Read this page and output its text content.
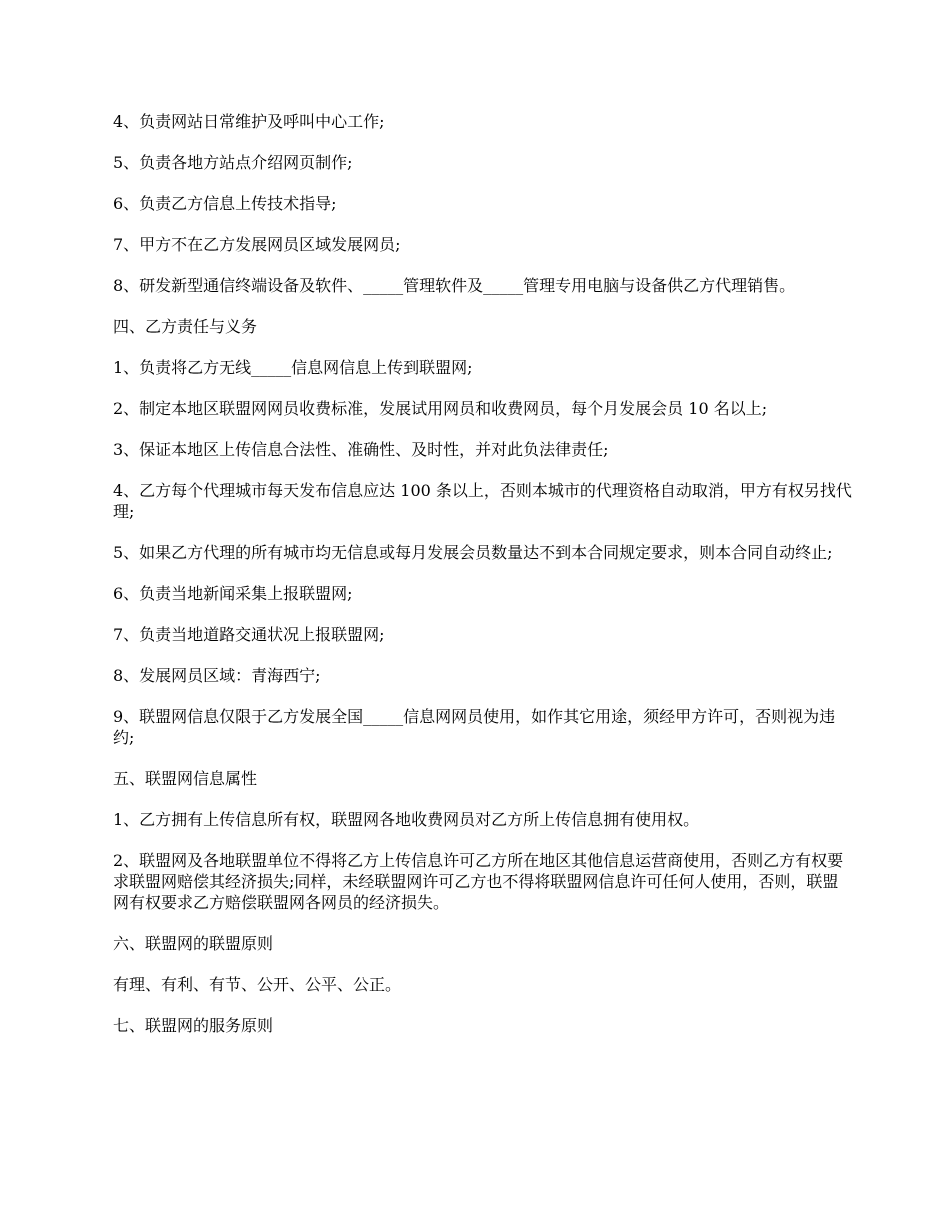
4、负责网站日常维护及呼叫中心工作;

5、负责各地方站点介绍网页制作;

6、负责乙方信息上传技术指导;

7、甲方不在乙方发展网员区域发展网员;

8、研发新型通信终端设备及软件、_____管理软件及_____管理专用电脑与设备供乙方代理销售。

四、乙方责任与义务

1、负责将乙方无线_____信息网信息上传到联盟网;

2、制定本地区联盟网网员收费标准，发展试用网员和收费网员，每个月发展会员 10 名以上;

3、保证本地区上传信息合法性、准确性、及时性，并对此负法律责任;

4、乙方每个代理城市每天发布信息应达 100 条以上，否则本城市的代理资格自动取消，甲方有权另找代理;

5、如果乙方代理的所有城市均无信息或每月发展会员数量达不到本合同规定要求，则本合同自动终止;

6、负责当地新闻采集上报联盟网;

7、负责当地道路交通状况上报联盟网;

8、发展网员区域：青海西宁;

9、联盟网信息仅限于乙方发展全国_____信息网网员使用，如作其它用途，须经甲方许可，否则视为违约;

五、联盟网信息属性

1、乙方拥有上传信息所有权，联盟网各地收费网员对乙方所上传信息拥有使用权。

2、联盟网及各地联盟单位不得将乙方上传信息许可乙方所在地区其他信息运营商使用，否则乙方有权要求联盟网赔偿其经济损失;同样，未经联盟网许可乙方也不得将联盟网信息许可任何人使用，否则，联盟网有权要求乙方赔偿联盟网各网员的经济损失。

六、联盟网的联盟原则

有理、有利、有节、公开、公平、公正。

七、联盟网的服务原则
